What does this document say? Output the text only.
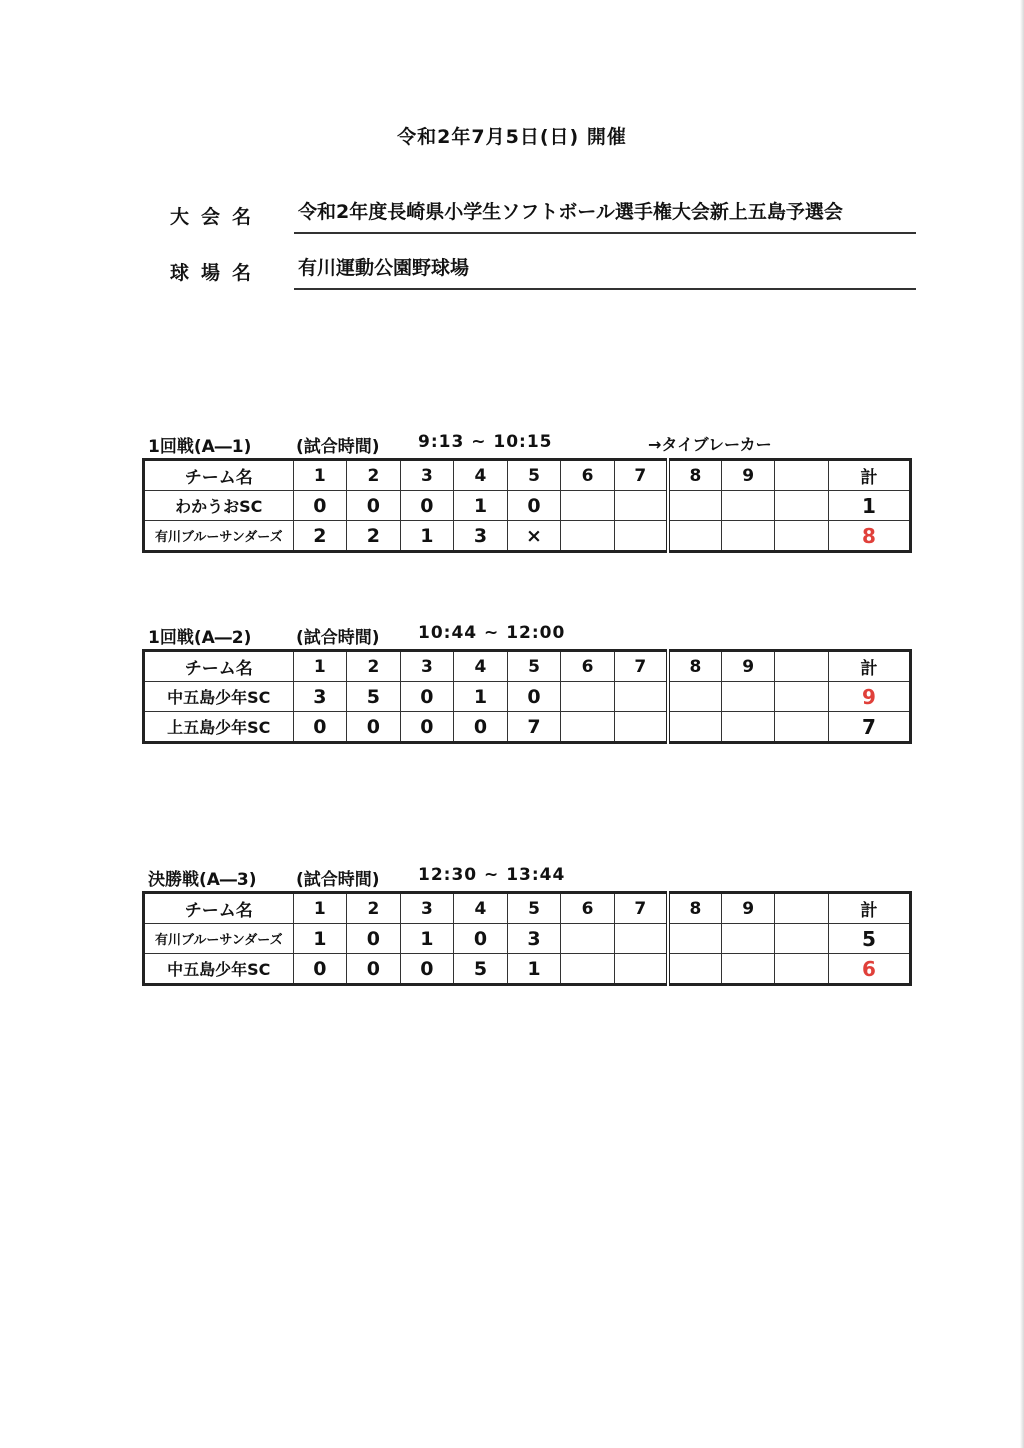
令和2年7月5日(日) 開催
大会名	令和2年度長崎県小学生ソフトボール選手権大会新上五島予選会
球場名	有川運動公園野球場
1回戦(A―1)	(試合時間) 9:13 ~ 10:15	→タイブレーカー
チーム名	1	2	3	4	5	6	7	8	9		計
わかうおSC	0	0	0	1	0						1
有川ブルーサンダーズ	2	2	1	3	×						8
1回戦(A―2)	(試合時間) 10:44 ~ 12:00
チーム名	1	2	3	4	5	6	7	8	9		計
中五島少年SC	3	5	0	1	0						9
上五島少年SC	0	0	0	0	7						7
決勝戦(A―3) (試合時間) 12:30 ~ 13:44
チーム名	1	2	3	4	5	6	7	8	9		計
有川ブルーサンダーズ	1	0	1	0	3						5
中五島少年SC	0	0	0	5	1						6
